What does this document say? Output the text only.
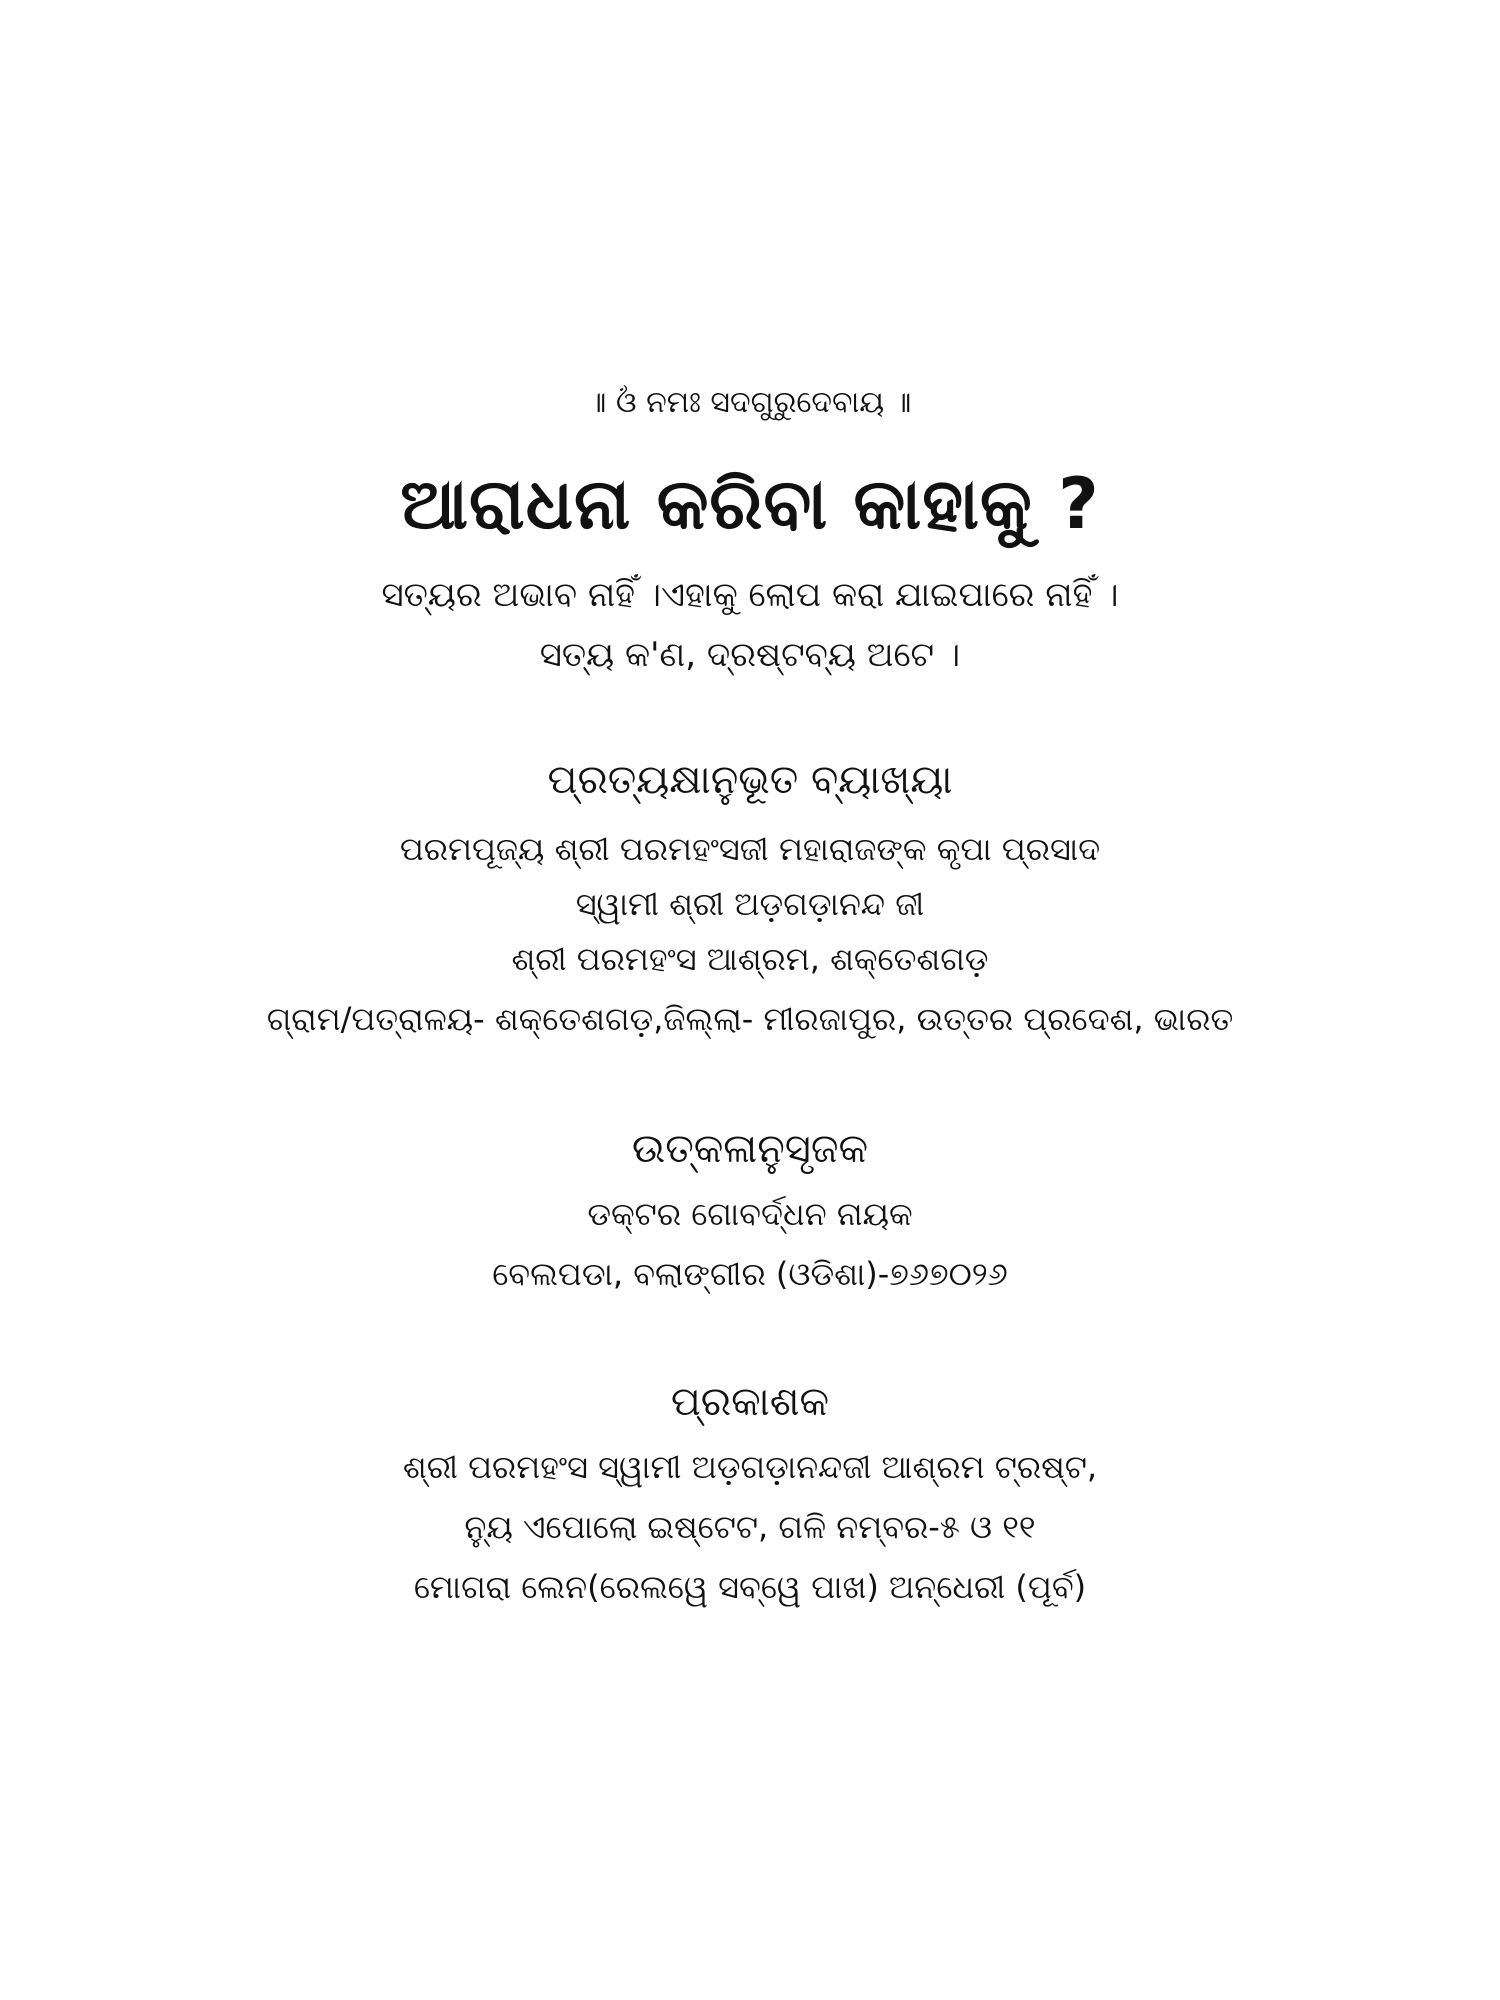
॥ ଓଁ ନମଃ ସଦଗୁରୁଦେବାୟ ॥
ଆରାଧନା କରିବା କାହାକୁ ?
ସତ୍ୟର ଅଭାବ ନାହିଁ ।ଏହାକୁ ଲୋପ କରା ଯାଇପାରେ ନାହିଁ ।
ସତ୍ୟ କ'ଣ, ଦ୍ରଷ୍ଟବ୍ୟ ଅଟେ ।
ପ୍ରତ୍ୟକ୍ଷାନୁଭୂତ ବ୍ୟାଖ୍ୟା
ପରମପୂଜ୍ୟ ଶ୍ରୀ ପରମହଂସଜୀ ମହାରାଜଙ୍କ କୃପା ପ୍ରସାଦ
ସ୍ୱାମୀ ଶ୍ରୀ ଅଡ଼ଗଡ଼ାନନ୍ଦ ଜୀ
ଶ୍ରୀ ପରମହଂସ ଆଶ୍ରମ, ଶକ୍ତେଶଗଡ଼
ଗ୍ରାମ/ପତ୍ରାଳୟ- ଶକ୍ତେଶଗଡ଼,ଜିଲ୍ଲା- ମୀରଜାପୁର, ଉତ୍ତର ପ୍ରଦେଶ, ଭାରତ
ଉତ୍କଳାନୁସୃଜକ
ଡକ୍ଟର ଗୋବର୍ଦ୍ଧନ ନାୟକ
ବେଲପଡା, ବଲାଙ୍ଗୀର (ଓଡିଶା)-୭୬୭୦୨୬
ପ୍ରକାଶକ
ଶ୍ରୀ ପରମହଂସ ସ୍ୱାମୀ ଅଡ଼ଗଡ଼ାନନ୍ଦଜୀ ଆଶ୍ରମ ଟ୍ରଷ୍ଟ,
ନ୍ୟୁ ଏପୋଲୋ ଇଷ୍ଟେଟ, ଗଳି ନମ୍ବର-୫ ଓ ୧୧
ମୋଗରା ଲେନ(ରେଲୱେ ସବ୍‌ୱେ ପାଖ) ଅନ୍ଧେରୀ (ପୂର୍ବ)
